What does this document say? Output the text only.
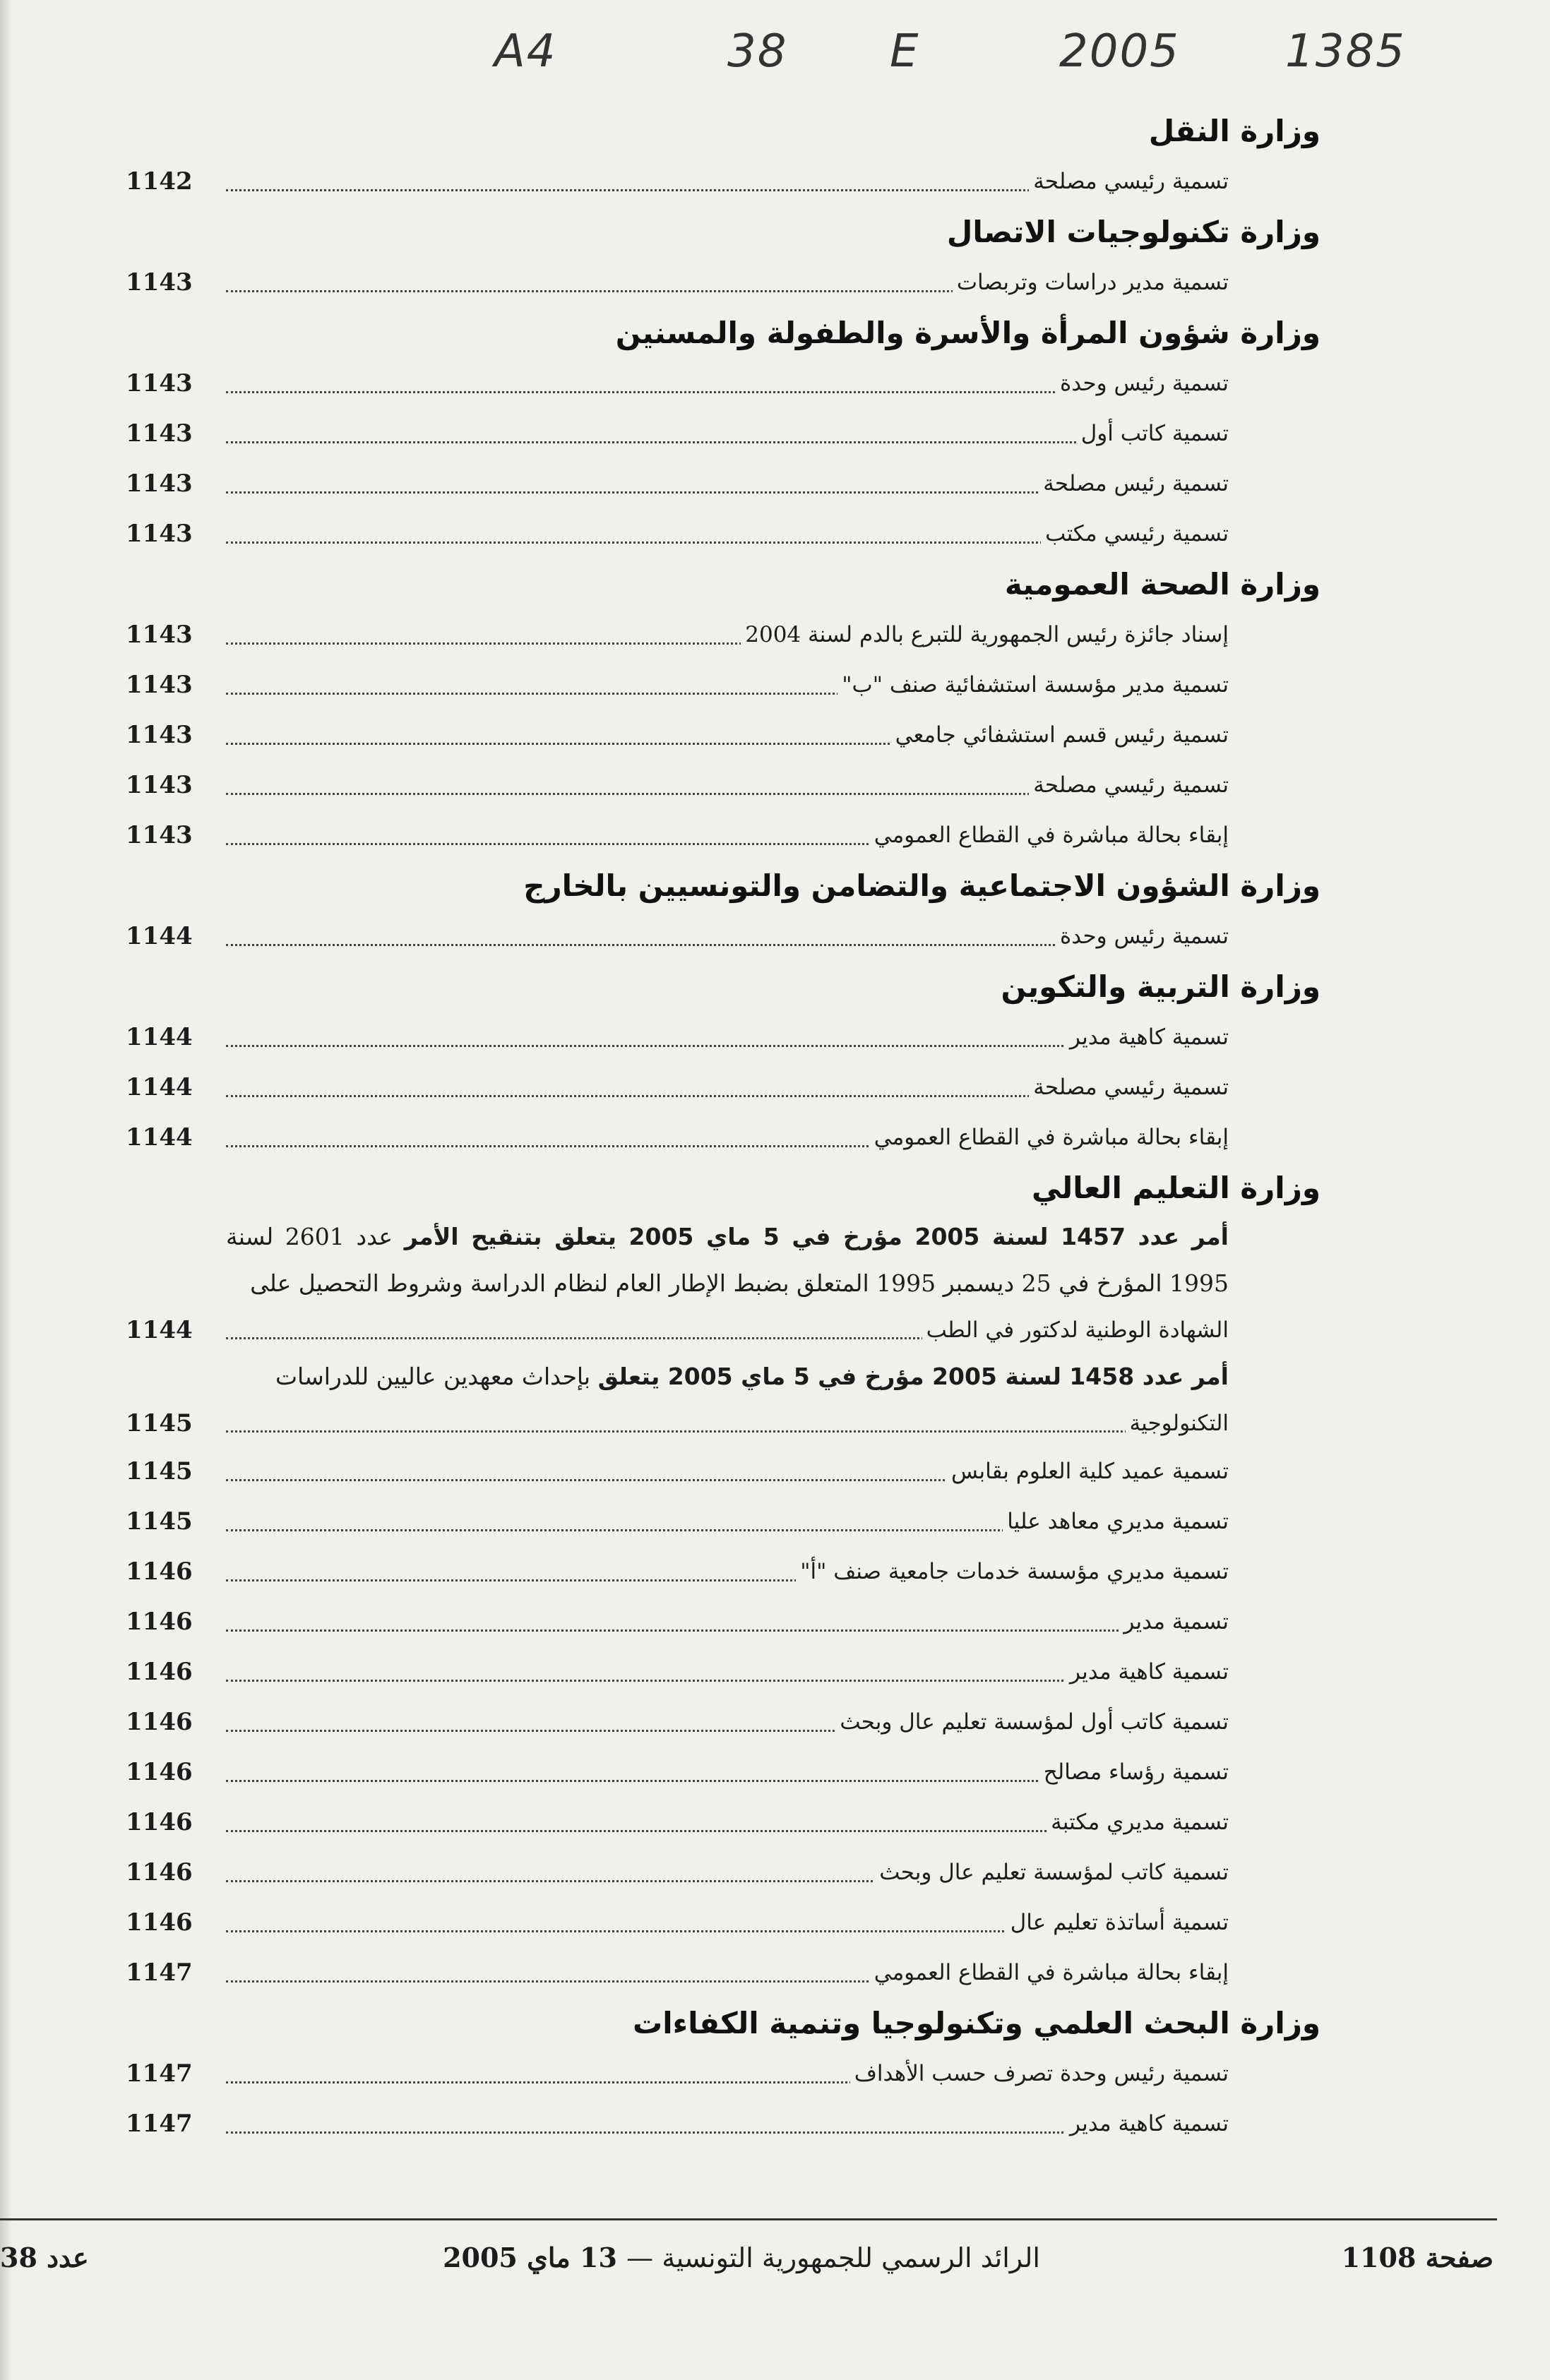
A4	38 E	2005 1385
وزارة النقل
تسمية رئيسي مصلحة
1142
وزارة تكنولوجيات الاتصال
تسمية مدير دراسات وتربصات
1143
وزارة شؤون المرأة والأسرة والطفولة والمسنين
تسمية رئيس وحدة
1143
تسمية كاتب أول
1143
تسمية رئيس مصلحة
1143
تسمية رئيسي مكتب
1143
وزارة الصحة العمومية
إسناد جائزة رئيس الجمهورية للتبرع بالدم لسنة 2004
1143
تسمية مدير مؤسسة استشفائية صنف "ب"
1143
تسمية رئيس قسم استشفائي جامعي
1143
تسمية رئيسي مصلحة
1143
إبقاء بحالة مباشرة في القطاع العمومي
1143
وزارة الشؤون الاجتماعية والتضامن والتونسيين بالخارج
تسمية رئيس وحدة
1144
وزارة التربية والتكوين
تسمية كاهية مدير
1144
تسمية رئيسي مصلحة
1144
إبقاء بحالة مباشرة في القطاع العمومي
1144
وزارة التعليم العالي
أمر عدد 1457 لسنة 2005 مؤرخ في 5 ماي 2005 يتعلق بتنقيح الأمر عدد 2601 لسنة 1995 المؤرخ في 25 ديسمبر 1995 المتعلق بضبط الإطار العام لنظام الدراسة وشروط التحصيل على
الشهادة الوطنية لدكتور في الطب
1144
أمر عدد 1458 لسنة 2005 مؤرخ في 5 ماي 2005 يتعلق بإحداث معهدين عاليين للدراسات
التكنولوجية
1145
تسمية عميد كلية العلوم بقابس
1145
تسمية مديري معاهد عليا
1145
تسمية مديري مؤسسة خدمات جامعية صنف "أ"
1146
تسمية مدير
1146
تسمية كاهية مدير
1146
تسمية كاتب أول لمؤسسة تعليم عال وبحث
1146
تسمية رؤساء مصالح
1146
تسمية مديري مكتبة
1146
تسمية كاتب لمؤسسة تعليم عال وبحث
1146
تسمية أساتذة تعليم عال
1146
إبقاء بحالة مباشرة في القطاع العمومي
1147
وزارة البحث العلمي وتكنولوجيا وتنمية الكفاءات
تسمية رئيس وحدة تصرف حسب الأهداف
1147
تسمية كاهية مدير
1147
صفحة 1108
الرائد الرسمي للجمهورية التونسية — 13 ماي 2005
عدد 38
